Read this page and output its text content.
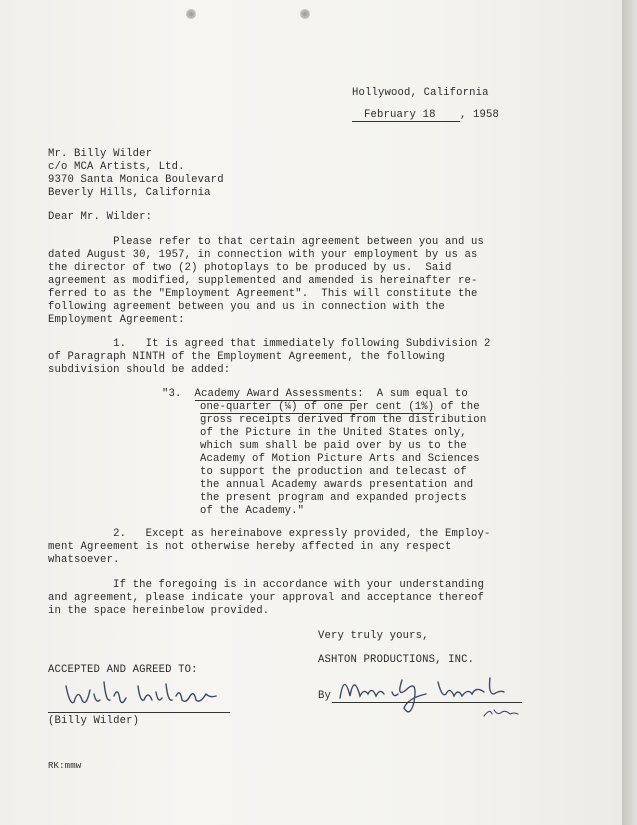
Hollywood, California
February 18 , 1958
Mr. Billy Wilder
c/o MCA Artists, Ltd.
9370 Santa Monica Boulevard
Beverly Hills, California
Dear Mr. Wilder:
Please refer to that certain agreement between you and us
dated August 30, 1957, in connection with your employment by us as
the director of two (2) photoplays to be produced by us.  Said
agreement as modified, supplemented and amended is hereinafter re-
ferred to as the "Employment Agreement".  This will constitute the
following agreement between you and us in connection with the
Employment Agreement:
1.   It is agreed that immediately following Subdivision 2
of Paragraph NINTH of the Employment Agreement, the following
subdivision should be added:
"3.  Academy Award Assessments:  A sum equal to
one-quarter (¼) of one per cent (1%) of the
gross receipts derived from the distribution
of the Picture in the United States only,
which sum shall be paid over by us to the
Academy of Motion Picture Arts and Sciences
to support the production and telecast of
the annual Academy awards presentation and
the present program and expanded projects
of the Academy."
2.   Except as hereinabove expressly provided, the Employ-
ment Agreement is not otherwise hereby affected in any respect
whatsoever.
If the foregoing is in accordance with your understanding
and agreement, please indicate your approval and acceptance thereof
in the space hereinbelow provided.
Very truly yours,
ASHTON PRODUCTIONS, INC.
ACCEPTED AND AGREED TO:
(Billy Wilder)
By
RK:mmw
